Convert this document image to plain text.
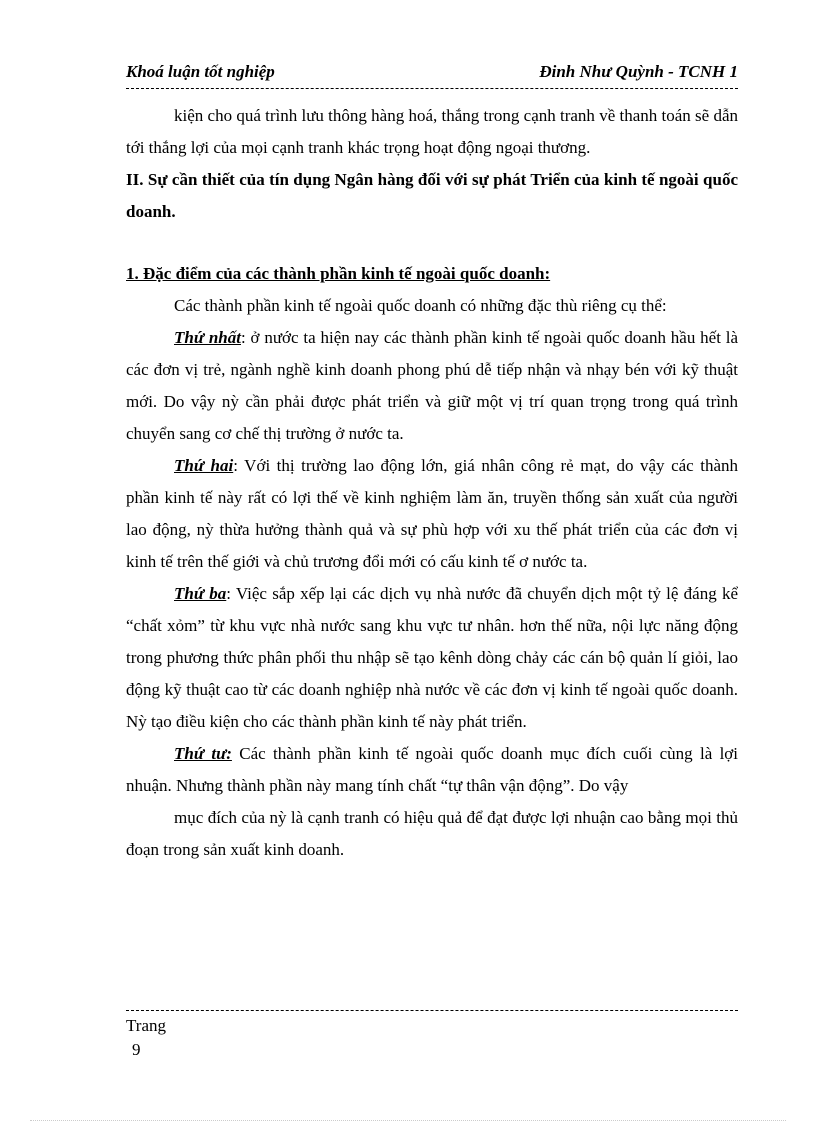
Khoá luận tốt nghiệp	Đinh Như Quỳnh - TCNH 1

kiện cho quá trình lưu thông hàng hoá, thắng trong cạnh tranh về thanh toán sẽ dẫn tới thắng lợi của mọi cạnh tranh khác trọng hoạt động ngoại thương.

II. Sự cần thiết của tín dụng Ngân hàng đối với sự phát Triển của kinh tế ngoài quốc doanh.

1. Đặc điểm của các thành phần kinh tế ngoài quốc doanh:

Các thành phần kinh tế ngoài quốc doanh có những đặc thù riêng cụ thể:

Thứ nhất: ở nước ta hiện nay các thành phần kinh tế ngoài quốc doanh hầu hết là các đơn vị trẻ, ngành nghề kinh doanh phong phú dễ tiếp nhận và nhạy bén với kỹ thuật mới. Do vậy nỳ cần phải được phát triển và giữ một vị trí quan trọng trong quá trình chuyển sang cơ chế thị trường ở nước ta.

Thứ hai: Với thị trường lao động lớn, giá nhân công rẻ mạt, do vậy các thành phần kinh tế này rất có lợi thế về kinh nghiệm làm ăn, truyền thống sản xuất của người lao động, nỳ thừa hưởng thành quả và sự phù hợp với xu thế phát triển của các đơn vị kinh tế trên thế giới và chủ trương đổi mới có cấu kinh tế ơ nước ta.

Thứ ba: Việc sắp xếp lại các dịch vụ nhà nước đã chuyển dịch một tỷ lệ đáng kể “chất xỏm” từ khu vực nhà nước sang khu vực tư nhân. hơn thế nữa, nội lực năng động trong phương thức phân phối thu nhập sẽ tạo kênh dòng chảy các cán bộ quản lí giỏi, lao động kỹ thuật cao từ các doanh nghiệp nhà nước về các đơn vị kinh tế ngoài quốc doanh. Nỳ tạo điều kiện cho các thành phần kinh tế này phát triển.

Thứ tư: Các thành phần kinh tế ngoài quốc doanh mục đích cuối cùng là lợi nhuận. Nhưng thành phần này mang tính chất “tự thân vận động”. Do vậy

mục đích của nỳ là cạnh tranh có hiệu quả để đạt được lợi nhuận cao bằng mọi thủ đoạn trong sản xuất kinh doanh.

Trang
9
